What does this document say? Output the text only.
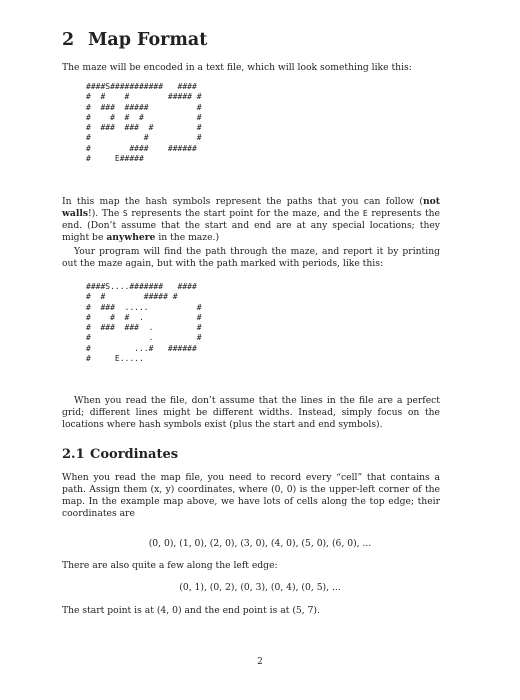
2 Map Format

The maze will be encoded in a text file, which will look something like this:

####S###########   ####
#  #    #        ##### #
#  ###  #####          #
#    #  #  #           #
#  ###  ###  #         #
#           #          #
#        ####    ######
#     E#####

In this map the hash symbols represent the paths that you can follow (not walls!). The S represents the start point for the maze, and the E represents the end. (Don’t assume that the start and end are at any special locations; they might be anywhere in the maze.)

Your program will find the path through the maze, and report it by printing out the maze again, but with the path marked with periods, like this:

####S....#######   ####
#  #        ##### #
#  ###  .....          #
#    #  #  .           #
#  ###  ###  .         #
#            .         #
#         ...#   ######
#     E.....

When you read the file, don’t assume that the lines in the file are a perfect grid; different lines might be different widths. Instead, simply focus on the locations where hash symbols exist (plus the start and end symbols).

2.1 Coordinates

When you read the map file, you need to record every “cell” that contains a path. Assign them (x, y) coordinates, where (0, 0) is the upper-left corner of the map. In the example map above, we have lots of cells along the top edge; their coordinates are

(0, 0), (1, 0), (2, 0), (3, 0), (4, 0), (5, 0), (6, 0), ...

There are also quite a few along the left edge:

(0, 1), (0, 2), (0, 3), (0, 4), (0, 5), ...

The start point is at (4, 0) and the end point is at (5, 7).

2
